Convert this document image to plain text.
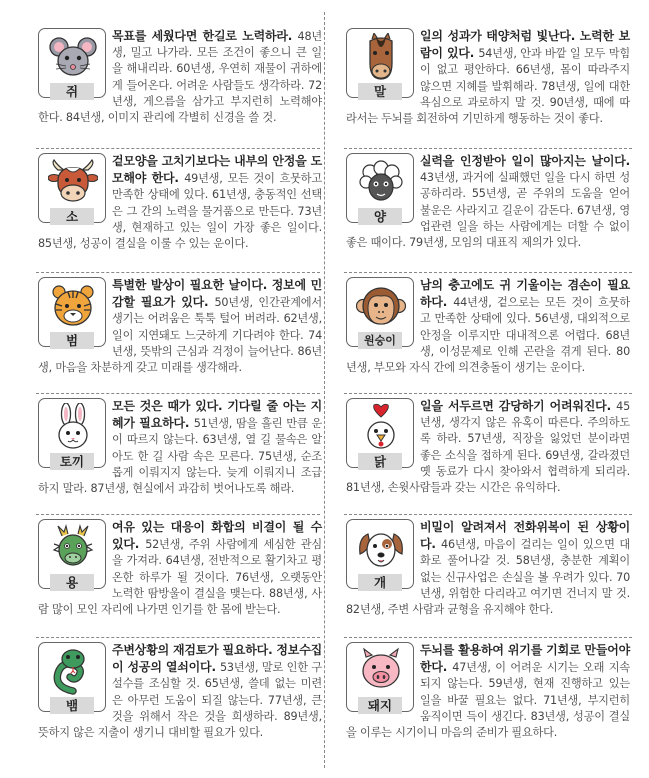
쥐
목표를 세웠다면 한길로 노력하라. 48년생, 밀고 나가라. 모든 조건이 좋으니 큰 일을 해내리라. 60년생, 우연히 재물이 귀하에게 들어온다. 어려운 사람들도 생각하라. 72년생, 게으름을 삼가고 부지런히 노력해야 한다. 84년생, 이미지 관리에 각별히 신경을 쓸 것.
소
겉모양을 고치기보다는 내부의 안정을 도모해야 한다. 49년생, 모든 것이 흐뭇하고 만족한 상태에 있다. 61년생, 충동적인 선택은 그 간의 노력을 물거품으로 만든다. 73년생, 현재하고 있는 일이 가장 좋은 일이다. 85년생, 성공이 결실을 이룰 수 있는 운이다.
범
특별한 발상이 필요한 날이다. 정보에 민감할 필요가 있다. 50년생, 인간관계에서 생기는 어려움은 툭툭 털어 버려라. 62년생, 일이 지연돼도 느긋하게 기다려야 한다. 74년생, 뜻밖의 근심과 걱정이 늘어난다. 86년생, 마음을 차분하게 갖고 미래를 생각해라.
토끼
모든 것은 때가 있다. 기다릴 줄 아는 지혜가 필요하다. 51년생, 땀을 흘린 만큼 운이 따르지 않는다. 63년생, 열 길 물속은 알아도 한 길 사람 속은 모른다. 75년생, 순조롭게 이뤄지지 않는다. 늦게 이뤄지니 조급하지 말라. 87년생, 현실에서 과감히 벗어나도록 해라.
용
여유 있는 대응이 화합의 비결이 될 수 있다. 52년생, 주위 사람에게 세심한 관심을 가져라. 64년생, 전반적으로 활기차고 평온한 하루가 될 것이다. 76년생, 오랫동안 노력한 땀방울이 결실을 맺는다. 88년생, 사람 많이 모인 자리에 나가면 인기를 한 몸에 받는다.
뱀
주변상황의 재검토가 필요하다. 정보수집이 성공의 열쇠이다. 53년생, 말로 인한 구설수를 조심할 것. 65년생, 쓸데 없는 미련은 아무런 도움이 되질 않는다. 77년생, 큰 것을 위해서 작은 것을 희생하라. 89년생, 뜻하지 않은 지출이 생기니 대비할 필요가 있다.
말
일의 성과가 태양처럼 빛난다. 노력한 보람이 있다. 54년생, 안과 바깥 일 모두 막힘이 없고 평안하다. 66년생, 몸이 따라주지 않으면 지혜를 발휘해라. 78년생, 일에 대한 욕심으로 과로하지 말 것. 90년생, 때에 따라서는 두뇌를 회전하여 기민하게 행동하는 것이 좋다.
양
실력을 인정받아 일이 많아지는 날이다. 43년생, 과거에 실패했던 일을 다시 하면 성공하리라. 55년생, 곧 주위의 도움을 얻어 불운은 사라지고 길운이 감돈다. 67년생, 영업관련 일을 하는 사람에게는 더할 수 없이 좋은 때이다. 79년생, 모임의 대표직 제의가 있다.
원숭이
남의 충고에도 귀 기울이는 겸손이 필요하다. 44년생, 겉으로는 모든 것이 흐뭇하고 만족한 상태에 있다. 56년생, 대외적으로 안정을 이루지만 대내적으론 어렵다. 68년생, 이성문제로 인해 곤란을 겪게 된다. 80년생, 부모와 자식 간에 의견충돌이 생기는 운이다.
닭
일을 서두르면 감당하기 어려워진다. 45년생, 생각지 않은 유혹이 따른다. 주의하도록 하라. 57년생, 직장을 잃었던 분이라면 좋은 소식을 접하게 된다. 69년생, 갈라졌던 옛 동료가 다시 찾아와서 협력하게 되리라. 81년생, 손윗사람들과 갖는 시간은 유익하다.
개
비밀이 알려져서 전화위복이 된 상황이다. 46년생, 마음이 걸리는 일이 있으면 대화로 풀어나갈 것. 58년생, 충분한 계획이 없는 신규사업은 손실을 볼 우려가 있다. 70년생, 위험한 다리라고 여기면 건너지 말 것. 82년생, 주변 사람과 균형을 유지해야 한다.
돼지
두뇌를 활용하여 위기를 기회로 만들어야 한다. 47년생, 이 어려운 시기는 오래 지속되지 않는다. 59년생, 현재 진행하고 있는 일을 바꿀 필요는 없다. 71년생, 부지런히 움직이면 득이 생긴다. 83년생, 성공이 결실을 이루는 시기이니 마음의 준비가 필요하다.
